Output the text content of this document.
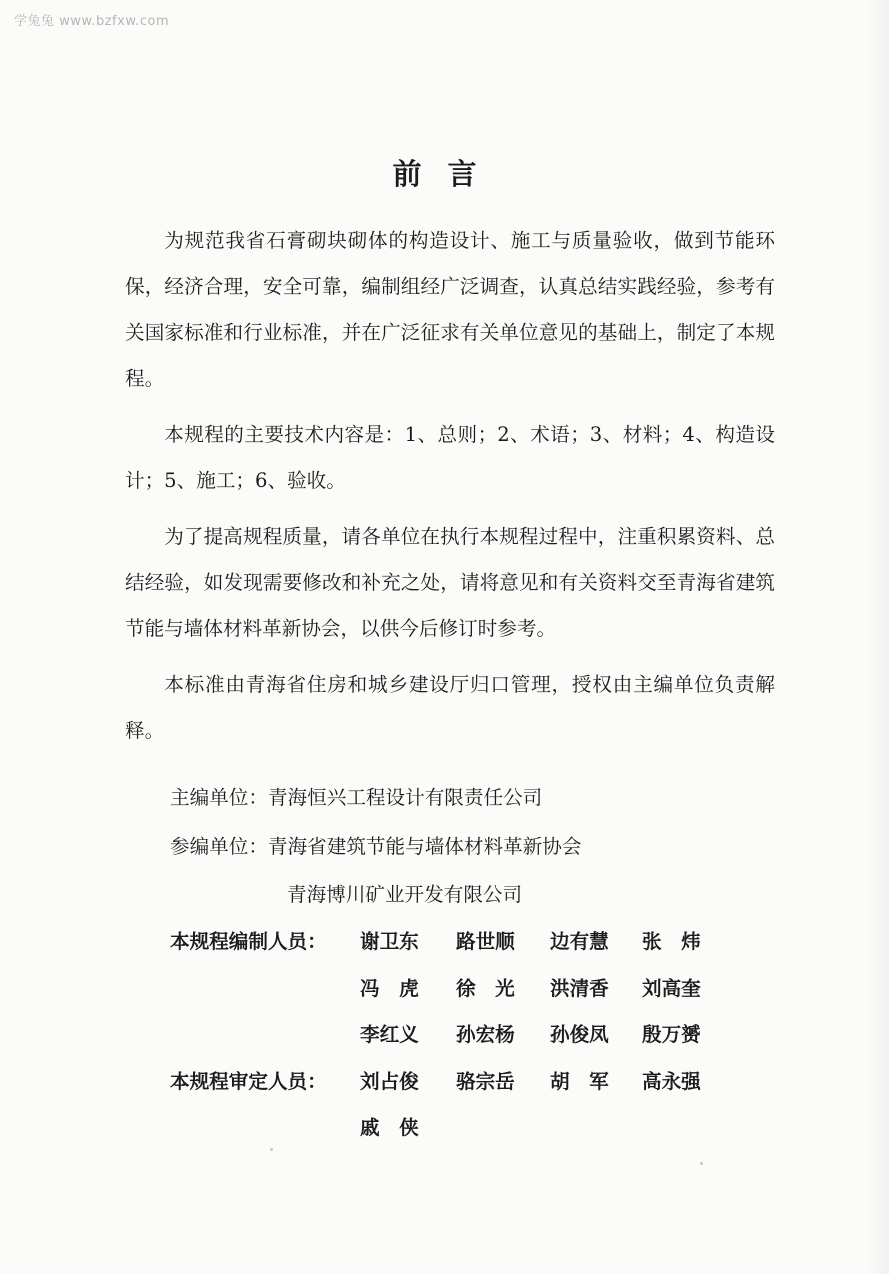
学兔兔 www.bzfxw.com
前言

为规范我省石膏砌块砌体的构造设计、施工与质量验收，做到节能环保，经济合理，安全可靠，编制组经广泛调查，认真总结实践经验，参考有关国家标准和行业标准，并在广泛征求有关单位意见的基础上，制定了本规程。

本规程的主要技术内容是：1、总则；2、术语；3、材料；4、构造设计；5、施工；6、验收。

为了提高规程质量，请各单位在执行本规程过程中，注重积累资料、总结经验，如发现需要修改和补充之处，请将意见和有关资料交至青海省建筑节能与墙体材料革新协会，以供今后修订时参考。

本标准由青海省住房和城乡建设厅归口管理，授权由主编单位负责解释。

主编单位：青海恒兴工程设计有限责任公司
参编单位：青海省建筑节能与墙体材料革新协会
青海博川矿业开发有限公司
本规程编制人员： 谢卫东 路世顺 边有慧 张　炜
冯　虎 徐　光 洪清香 刘高奎
李红义 孙宏杨 孙俊凤 殷万赟
本规程审定人员： 刘占俊 骆宗岳 胡　军 高永强
戚　侠
